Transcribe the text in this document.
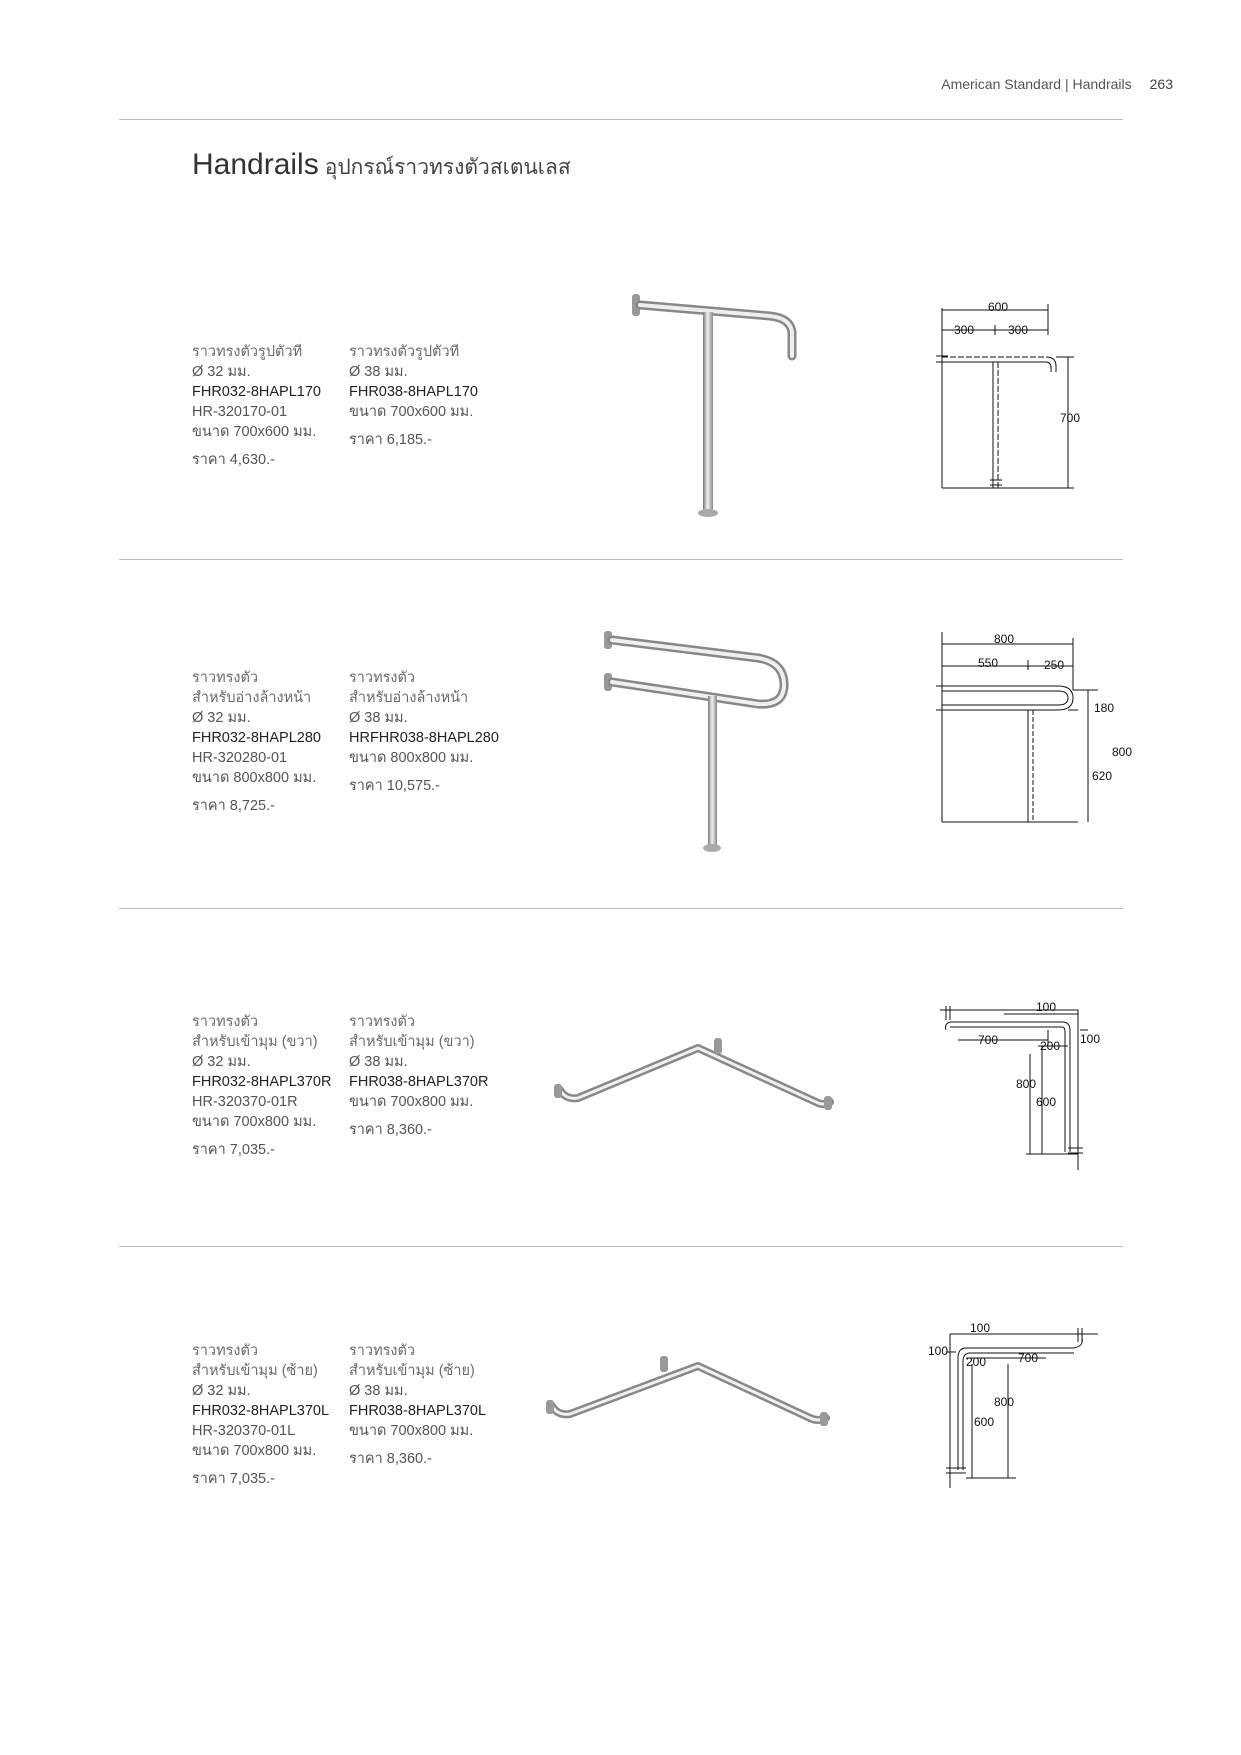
American Standard | Handrails 263
Handrails อุปกรณ์ราวทรงตัวสเตนเลส
ราวทรงตัวรูปตัวที
Ø 32 มม.
FHR032-8HAPL170
HR-320170-01
ขนาด 700x600 มม.
ราคา 4,630.-
ราวทรงตัวรูปตัวที
Ø 38 มม.
FHR038-8HAPL170
ขนาด 700x600 มม.
ราคา 6,185.-
600
300	300
700
ราวทรงตัว
สำหรับอ่างล้างหน้า
Ø 32 มม.
FHR032-8HAPL280
HR-320280-01
ขนาด 800x800 มม.
ราคา 8,725.-
ราวทรงตัว
สำหรับอ่างล้างหน้า
Ø 38 มม.
HRFHR038-8HAPL280
ขนาด 800x800 มม.
ราคา 10,575.-
800
550	250
180
800
620
ราวทรงตัว
สำหรับเข้ามุม (ขวา)
Ø 32 มม.
FHR032-8HAPL370R
HR-320370-01R
ขนาด 700x800 มม.
ราคา 7,035.-
ราวทรงตัว
สำหรับเข้ามุม (ขวา)
Ø 38 มม.
FHR038-8HAPL370R
ขนาด 700x800 มม.
ราคา 8,360.-
100
700	200 100
800
600
ราวทรงตัว
สำหรับเข้ามุม (ซ้าย)
Ø 32 มม.
FHR032-8HAPL370L
HR-320370-01L
ขนาด 700x800 มม.
ราคา 7,035.-
ราวทรงตัว
สำหรับเข้ามุม (ซ้าย)
Ø 38 มม.
FHR038-8HAPL370L
ขนาด 700x800 มม.
ราคา 8,360.-
100
100
200	700
800
600
